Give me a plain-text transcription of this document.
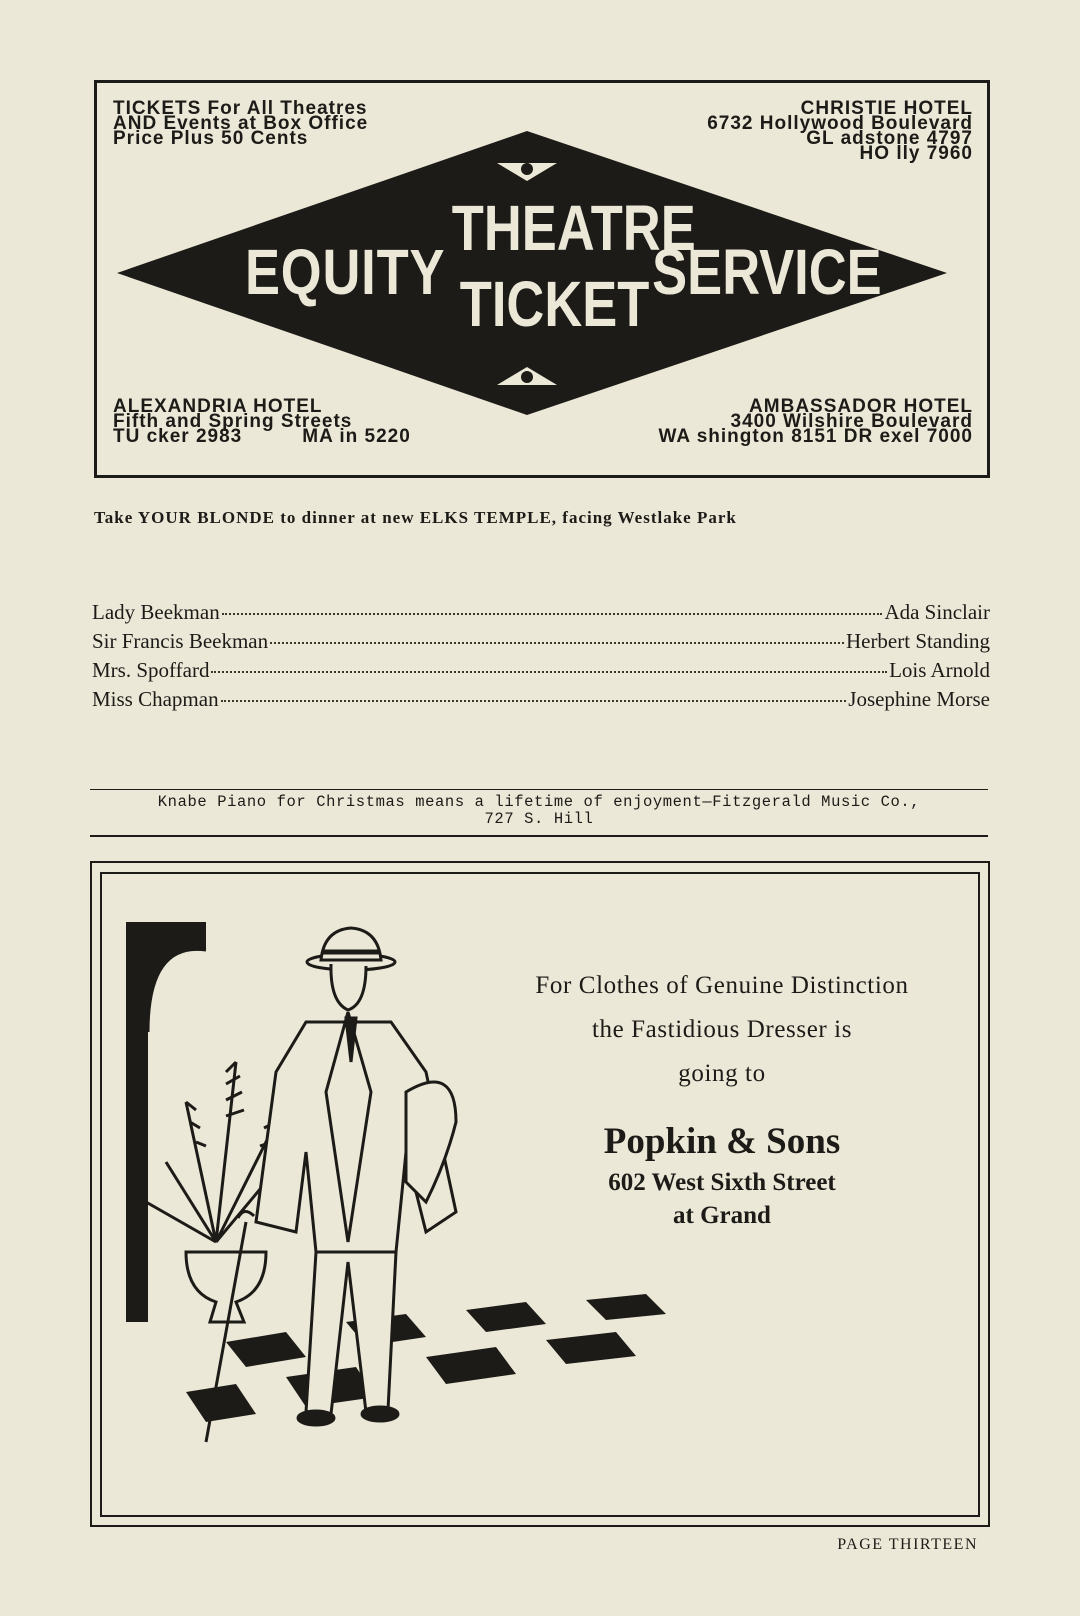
TICKETS For All Theatres
AND Events at Box Office
Price Plus 50 Cents
CHRISTIE HOTEL
6732 Hollywood Boulevard
GL adstone 4797
HO lly 7960
EQUITY
THEATRE
TICKET SERVICE
ALEXANDRIA HOTEL
Fifth and Spring Streets
TU cker 2983	MA in 5220
AMBASSADOR HOTEL
3400 Wilshire Boulevard
WA shington 8151 DR exel 7000
Take YOUR BLONDE to dinner at new ELKS TEMPLE, facing Westlake Park
Lady Beekman	Ada Sinclair
Sir Francis Beekman	Herbert Standing
Mrs. Spoffard	Lois Arnold
Miss Chapman	Josephine Morse
Knabe Piano for Christmas means a lifetime of enjoyment—Fitzgerald Music Co.,
727 S. Hill
For Clothes of Genuine Distinction
the Fastidious Dresser is
going to
Popkin & Sons
602 West Sixth Street
at Grand
PAGE THIRTEEN
